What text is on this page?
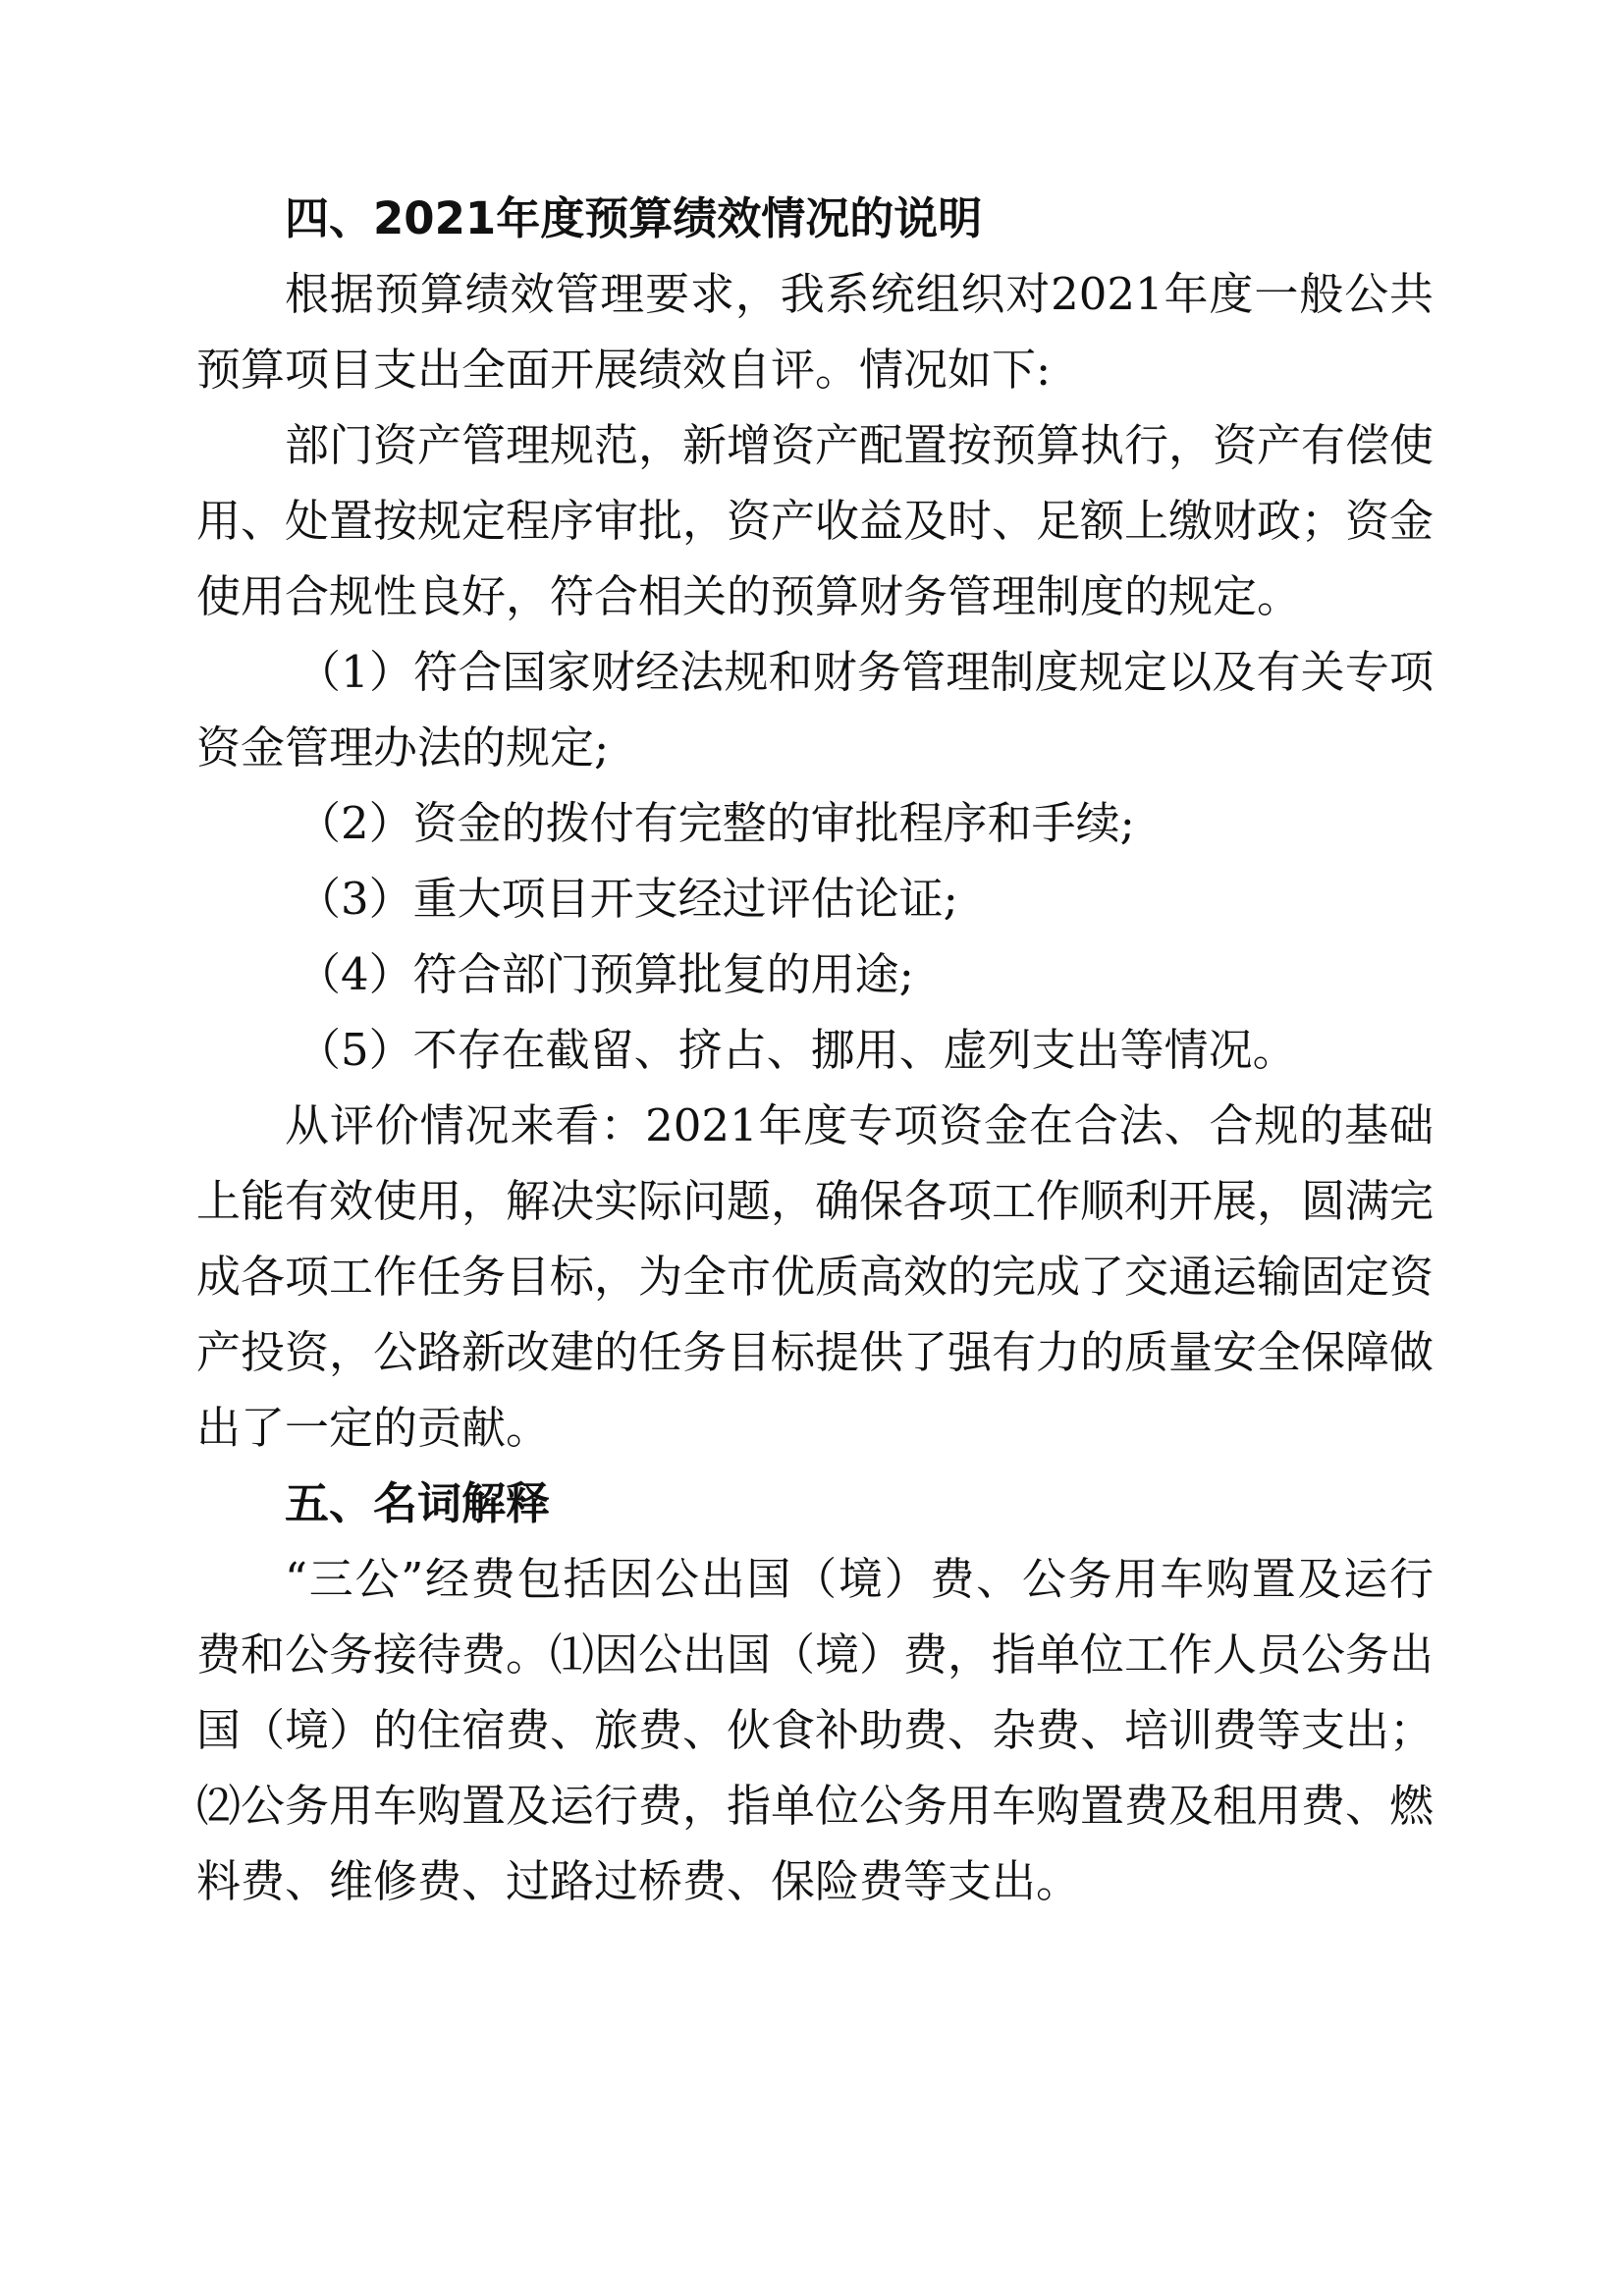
四、2021年度预算绩效情况的说明

根据预算绩效管理要求，我系统组织对2021年度一般公共预算项目支出全面开展绩效自评。情况如下:

部门资产管理规范，新增资产配置按预算执行，资产有偿使用、处置按规定程序审批，资产收益及时、足额上缴财政；资金使用合规性良好，符合相关的预算财务管理制度的规定。

（1）符合国家财经法规和财务管理制度规定以及有关专项资金管理办法的规定;

（2）资金的拨付有完整的审批程序和手续;

（3）重大项目开支经过评估论证;

（4）符合部门预算批复的用途;

（5）不存在截留、挤占、挪用、虚列支出等情况。

从评价情况来看：2021年度专项资金在合法、合规的基础上能有效使用，解决实际问题，确保各项工作顺利开展，圆满完成各项工作任务目标，为全市优质高效的完成了交通运输固定资产投资，公路新改建的任务目标提供了强有力的质量安全保障做出了一定的贡献。

五、名词解释

“三公”经费包括因公出国（境）费、公务用车购置及运行费和公务接待费。⑴因公出国（境）费，指单位工作人员公务出国（境）的住宿费、旅费、伙食补助费、杂费、培训费等支出；⑵公务用车购置及运行费，指单位公务用车购置费及租用费、燃料费、维修费、过路过桥费、保险费等支出。
